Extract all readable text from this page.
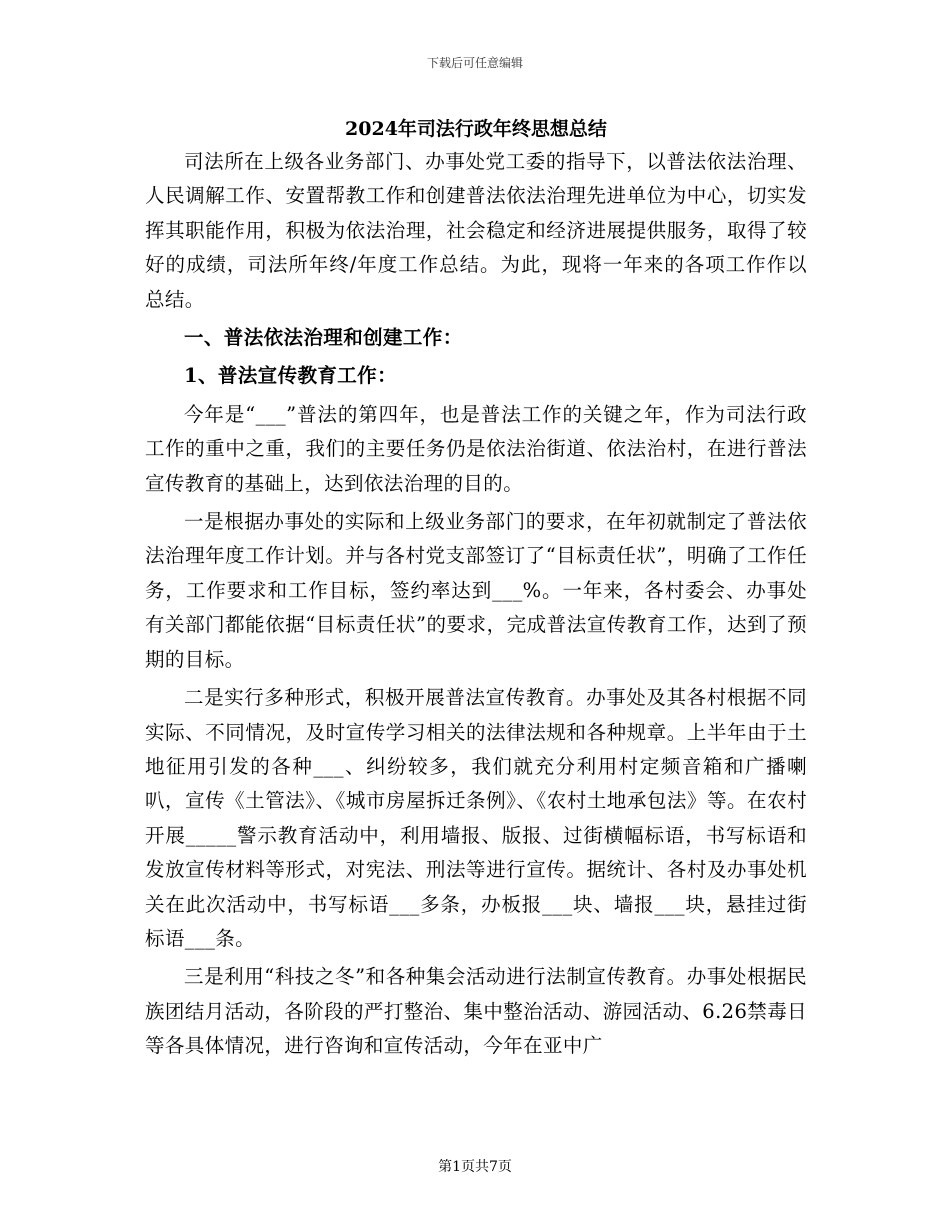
下载后可任意编辑
2024年司法行政年终思想总结

司法所在上级各业务部门、办事处党工委的指导下，以普法依法治理、人民调解工作、安置帮教工作和创建普法依法治理先进单位为中心，切实发挥其职能作用，积极为依法治理，社会稳定和经济进展提供服务，取得了较好的成绩，司法所年终/年度工作总结。为此，现将一年来的各项工作作以总结。

一、普法依法治理和创建工作：

1、普法宣传教育工作：

今年是“___”普法的第四年，也是普法工作的关键之年，作为司法行政工作的重中之重，我们的主要任务仍是依法治街道、依法治村，在进行普法宣传教育的基础上，达到依法治理的目的。

一是根据办事处的实际和上级业务部门的要求，在年初就制定了普法依法治理年度工作计划。并与各村党支部签订了“目标责任状”，明确了工作任务，工作要求和工作目标，签约率达到___%。一年来，各村委会、办事处有关部门都能依据“目标责任状”的要求，完成普法宣传教育工作，达到了预期的目标。

二是实行多种形式，积极开展普法宣传教育。办事处及其各村根据不同实际、不同情况，及时宣传学习相关的法律法规和各种规章。上半年由于土地征用引发的各种___、纠纷较多，我们就充分利用村定频音箱和广播喇叭，宣传《土管法》、《城市房屋拆迁条例》、《农村土地承包法》等。在农村开展_____警示教育活动中，利用墙报、版报、过街横幅标语，书写标语和发放宣传材料等形式，对宪法、刑法等进行宣传。据统计、各村及办事处机关在此次活动中，书写标语___多条，办板报___块、墙报___块，悬挂过街标语___条。

三是利用“科技之冬”和各种集会活动进行法制宣传教育。办事处根据民族团结月活动，各阶段的严打整治、集中整治活动、游园活动、6.26禁毒日等各具体情况，进行咨询和宣传活动，今年在亚中广

第1页共7页
